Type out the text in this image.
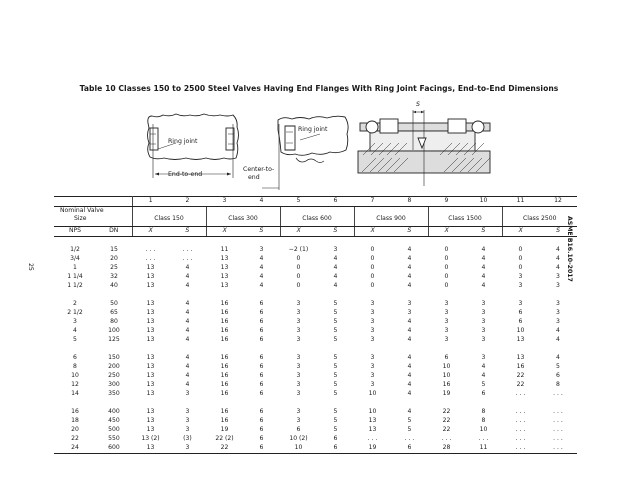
Table 10 Classes 150 to 2500 Steel Valves Having End Flanges With Ring Joint Facings, End-to-End Dimensions
ASME B16.10-2017
25
Ring joint
End-to-end
Ring joint
Center-to-
end
S
		1	2	3	4	5	6	7	8	9	10	11	12
Nominal Valve
Size		Class 150		Class 300		Class 600		Class 900		Class 1500		Class 2500	
NPS	DN	X	S	X	S	X	S	X	S	X	S	X	S

1/2	15	. . .	. . .	11	3	−2 (1)	3	0	4	0	4	0	4
3/4	20	. . .	. . .	13	4	0	4	0	4	0	4	0	4
1	25	13	4	13	4	0	4	0	4	0	4	0	4
1 1/4	32	13	4	13	4	0	4	0	4	0	4	3	3
1 1/2	40	13	4	13	4	0	4	0	4	0	4	3	3

2	50	13	4	16	6	3	5	3	3	3	3	3	3
2 1/2	65	13	4	16	6	3	5	3	3	3	3	6	3
3	80	13	4	16	6	3	5	3	4	3	3	6	3
4	100	13	4	16	6	3	5	3	4	3	3	10	4
5	125	13	4	16	6	3	5	3	4	3	3	13	4

6	150	13	4	16	6	3	5	3	4	6	3	13	4
8	200	13	4	16	6	3	5	3	4	10	4	16	5
10	250	13	4	16	6	3	5	3	4	10	4	22	6
12	300	13	4	16	6	3	5	3	4	16	5	22	8
14	350	13	3	16	6	3	5	10	4	19	6	. . .	. . .

16	400	13	3	16	6	3	5	10	4	22	8	. . .	. . .
18	450	13	3	16	6	3	5	13	5	22	8	. . .	. . .
20	500	13	3	19	6	6	5	13	5	22	10	. . .	. . .
22	550	13 (2)	(3)	22 (2)	6	10 (2)	6	. . .	. . .	. . .	. . .	. . .	. . .
24	600	13	3	22	6	10	6	19	6	28	11	. . .	. . .
